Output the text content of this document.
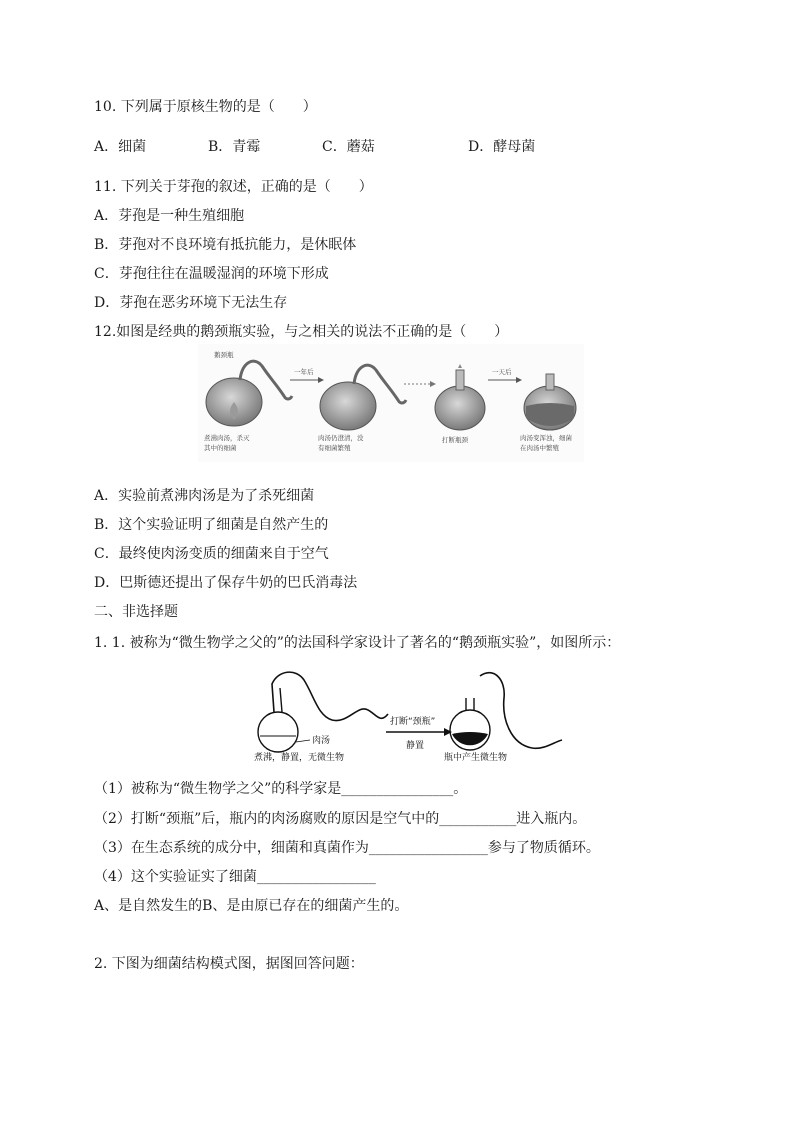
10. 下列属于原核生物的是（　　）
A．细菌	B．青霉	C．蘑菇	D．酵母菌
11. 下列关于芽孢的叙述，正确的是（　　）
A．芽孢是一种生殖细胞
B．芽孢对不良环境有抵抗能力，是休眠体
C．芽孢往往在温暖湿润的环境下形成
D．芽孢在恶劣环境下无法生存
12.如图是经典的鹅颈瓶实验，与之相关的说法不正确的是（　　）
鹅颈瓶
煮沸肉汤，杀灭
其中的细菌
一年后
肉汤仍澄清，没
有细菌繁殖
打断瓶颈
一天后
肉汤变浑浊，细菌
在肉汤中繁殖
A．实验前煮沸肉汤是为了杀死细菌
B．这个实验证明了细菌是自然产生的
C．最终使肉汤变质的细菌来自于空气
D．巴斯德还提出了保存牛奶的巴氏消毒法
二、非选择题
1. 1. 被称为“微生物学之父的”的法国科学家设计了著名的“鹅颈瓶实验”，如图所示：
肉汤
煮沸，静置，无微生物
打断“颈瓶”
静置
瓶中产生微生物
（1）被称为“微生物学之父”的科学家是________________。
（2）打断“颈瓶”后，瓶内的肉汤腐败的原因是空气中的___________进入瓶内。
（3）在生态系统的成分中，细菌和真菌作为_________________参与了物质循环。
（4）这个实验证实了细菌_________________
A、是自然发生的B、是由原已存在的细菌产生的。
2. 下图为细菌结构模式图，据图回答问题：
